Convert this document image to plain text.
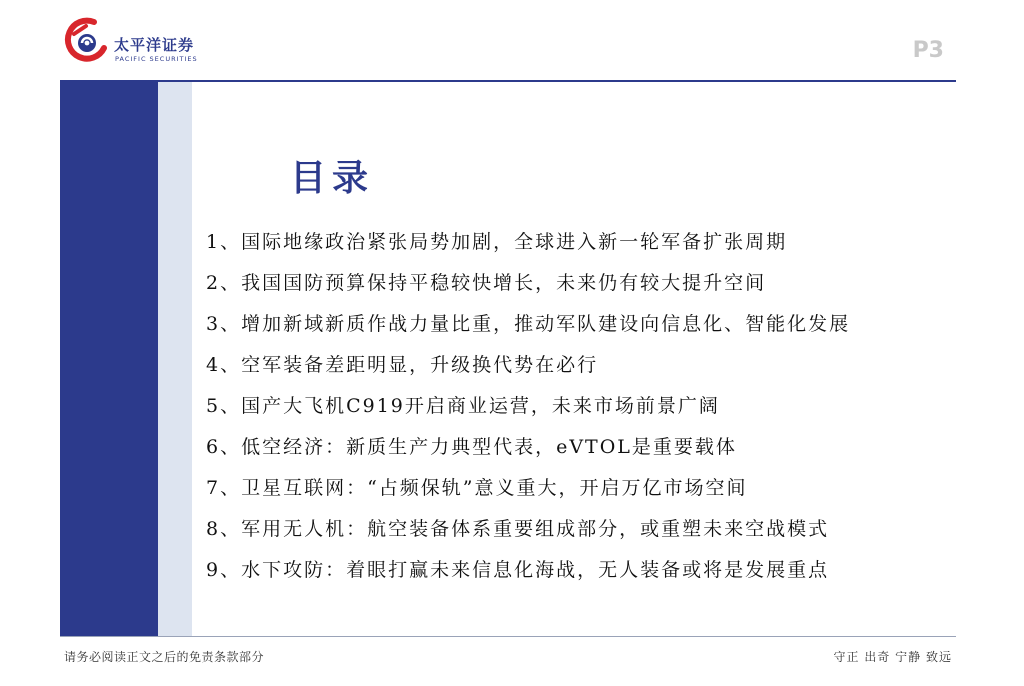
太平洋证券
PACIFIC SECURITIES	P3
目录
1、国际地缘政治紧张局势加剧，全球进入新一轮军备扩张周期
2、我国国防预算保持平稳较快增长，未来仍有较大提升空间
3、增加新域新质作战力量比重，推动军队建设向信息化、智能化发展
4、空军装备差距明显，升级换代势在必行
5、国产大飞机C919开启商业运营，未来市场前景广阔
6、低空经济：新质生产力典型代表，eVTOL是重要载体
7、卫星互联网：“占频保轨”意义重大，开启万亿市场空间
8、军用无人机：航空装备体系重要组成部分，或重塑未来空战模式
9、水下攻防：着眼打赢未来信息化海战，无人装备或将是发展重点
请务必阅读正文之后的免责条款部分	守正 出奇 宁静 致远
